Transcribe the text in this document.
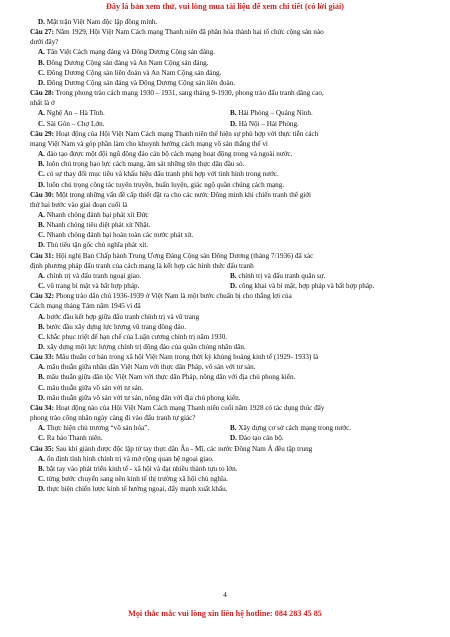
Đây là bản xem thử, vui lòng mua tài liệu để xem chi tiết (có lời giải)
D. Mặt trận Việt Nam độc lập đồng minh.
Câu 27: Năm 1929, Hội Việt Nam Cách mạng Thanh niên đã phân hóa thành hai tổ chức cộng sản nào
dưới đây?
A. Tân Việt Cách mạng đảng và Đông Dương Cộng sản đảng.
B. Đông Dương Cộng sản đảng và An Nam Cộng sản đảng.
C. Đông Dương Cộng sản liên đoàn và An Nam Cộng sản đảng.
D. Đông Dương Cộng sản đảng và Đông Dương Cộng sản liên đoàn.
Câu 28: Trong phong trào cách mạng 1930 – 1931, sang tháng 9-1930, phong trào đấu tranh dâng cao,
nhất là ở
A. Nghệ An – Hà Tĩnh.	B. Hải Phòng – Quảng Ninh.
C. Sài Gòn – Chợ Lớn.	D. Hà Nội – Hải Phòng.
Câu 29: Hoạt động của Hội Việt Nam Cách mạng Thanh niên thể hiện sự phù hợp với thực tiễn cách
mạng Việt Nam và góp phần làm cho khuynh hướng cách mạng vô sản thắng thế vì
A. đào tạo được một đội ngũ đông đảo cán bộ cách mạng hoạt động trong và ngoài nước.
B. luôn chú trọng bạo lực cách mạng, âm sát những tên thực dân đầu sỏ.
C. có sự thay đổi mục tiêu và khẩu hiệu đấu tranh phù hợp với tình hình trong nước.
D. luôn chú trọng công tác tuyên truyền, huấn luyện, giác ngộ quần chúng cách mạng.
Câu 30: Một trong những vấn đề cấp thiết đặt ra cho các nước Đông minh khi chiến tranh thế giới
thứ hai bước vào giai đoạn cuối là
A. Nhanh chóng đánh bại phát xít Đức
B. Nhanh chóng tiêu diệt phát xít Nhật.
C. Nhanh chóng đánh bại hoàn toàn các nước phát xít.
D. Thủ tiêu tận gốc chủ nghĩa phát xít.
Câu 31: Hội nghị Ban Chấp hành Trung Ương Đảng Cộng sản Đông Dương (tháng 7/1936) đã xác
định phương pháp đấu tranh của cách mạng là kết hợp các hình thức đấu tranh
A. chính trị và đấu tranh ngoại giao.	B. chính trị và đấu tranh quân sự.
C. vũ trang bí mật và bất hợp pháp.	D. công khai và bí mật, hợp pháp và bất hợp pháp.
Câu 32: Phong trào dân chủ 1936-1939 ở Việt Nam là một bước chuẩn bị cho thắng lợi của
Cách mạng tháng Tám năm 1945 vì đã
A. bước đầu kết hợp giữa đấu tranh chính trị và vũ trang
B. bước đầu xây dựng lực lượng vũ trang đông đảo.
C. khắc phục triệt để hạn chế của Luận cương chính trị năm 1930.
D. xây dựng một lực lượng chính trị đông đảo của quần chúng nhân dân.
Câu 33: Mâu thuẫn cơ bản trong xã hội Việt Nam trong thời kỳ khủng hoảng kinh tế (1929- 1933) là
A. mâu thuẫn giữa nhân dân Việt Nam với thực dân Pháp, vô sản với tư sản.
B. mâu thuẫn giữa dân tộc Việt Nam với thực dân Pháp, nông dân với địa chủ phong kiến.
C. mâu thuẫn giữa vô sản với tư sản.
D. mâu thuẫn giữa vô sản với tư sản, nông dân với địa chủ phong kiến.
Câu 34: Hoạt động nào của Hội Việt Nam Cách mạng Thanh niên cuối năm 1928 có tác dụng thúc đẩy
phong trào công nhân ngày càng đi vào đấu tranh tự giác?
A. Thực hiện chủ trương “vô sản hóa”.	B. Xây dựng cơ sở cách mạng trong nước.
C. Ra báo Thanh niên.	D. Đào tạo cán bộ.
Câu 35: Sau khi giành được độc lập từ tay thực dân Âu - Mĩ, các nước Đông Nam Á đều tập trung
A. ổn định tình hình chính trị và mở rộng quan hệ ngoại giao.
B. bắt tay vào phát triển kinh tế - xã hội và đạt nhiều thành tựu to lớn.
C. từng bước chuyển sang nền kinh tế thị trường xã hội chủ nghĩa.
D. thực hiện chiến lược kinh tế hướng ngoại, đẩy mạnh xuất khẩu.
4
Mọi thắc mắc vui lòng xin liên hệ hotline: 084 283 45 85
